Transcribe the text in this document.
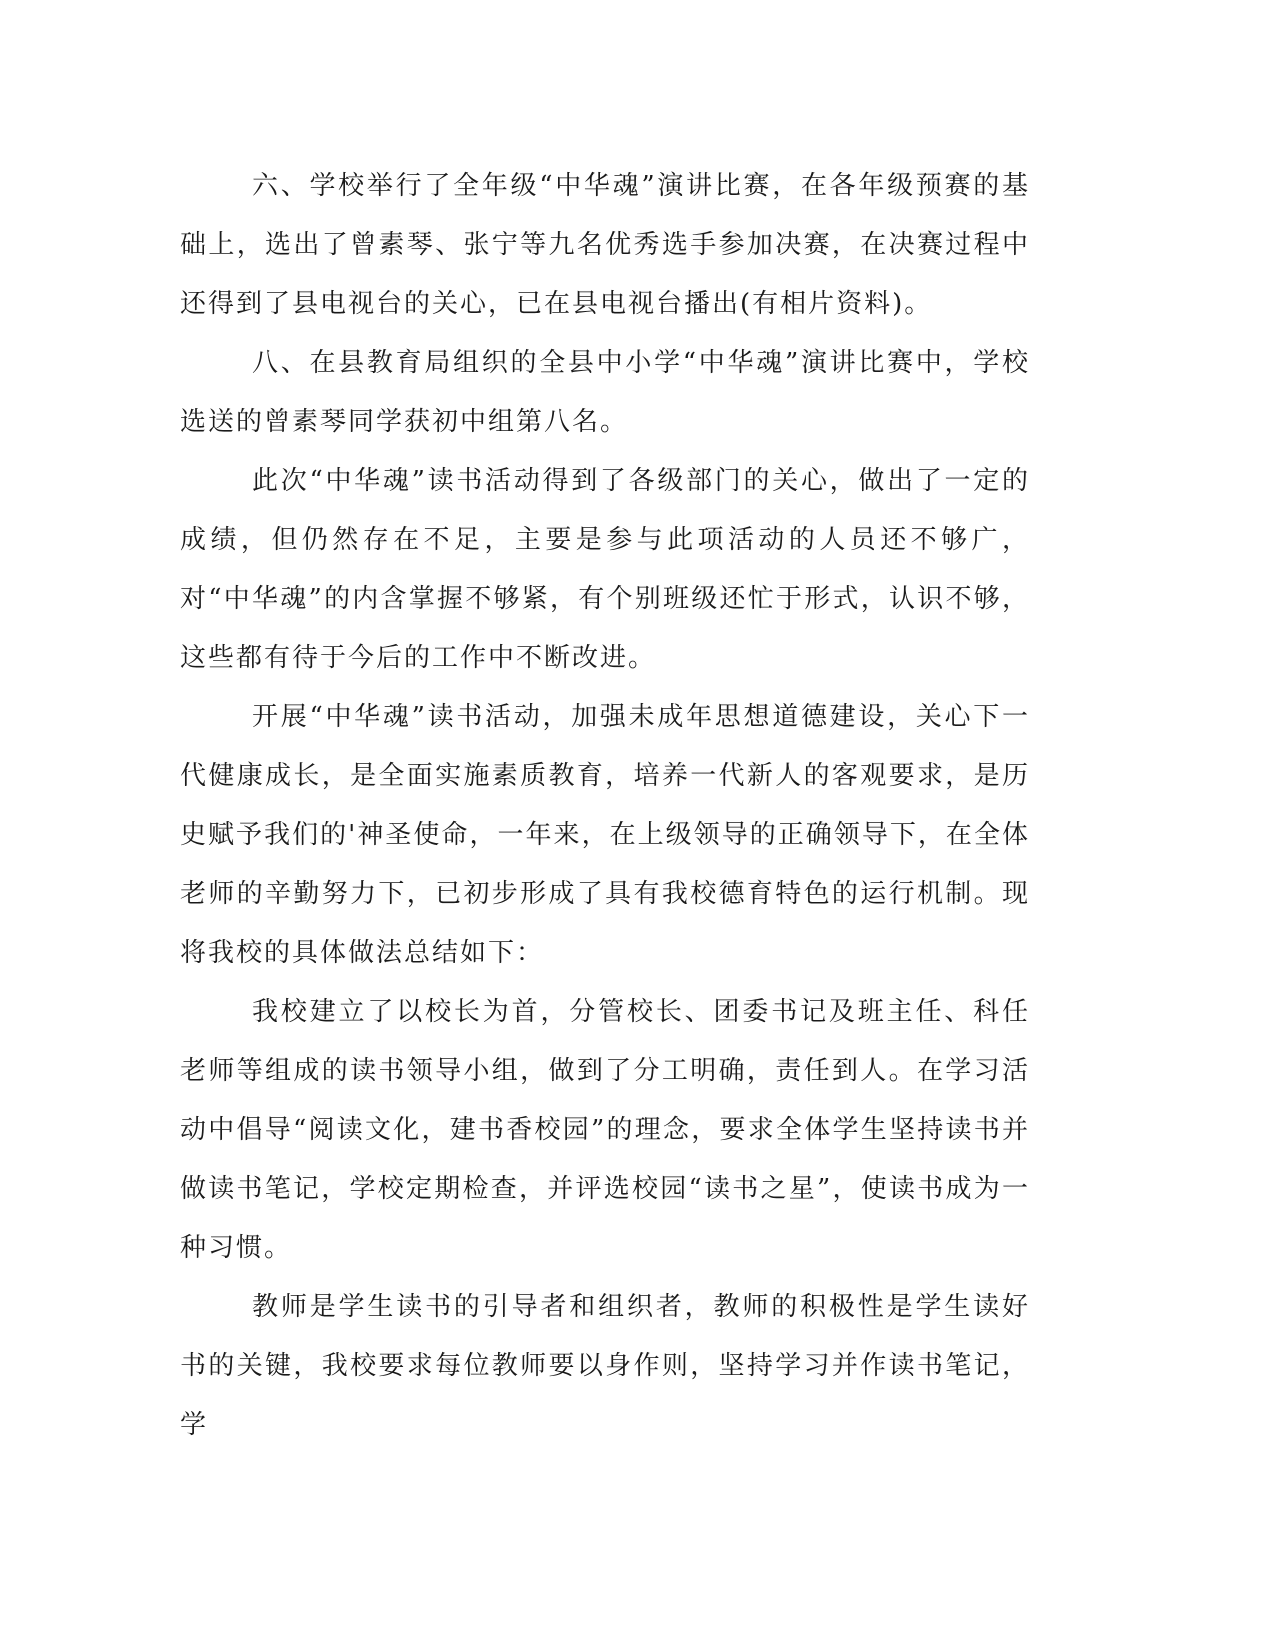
六、学校举行了全年级“中华魂”演讲比赛，在各年级预赛的基础上，选出了曾素琴、张宁等九名优秀选手参加决赛，在决赛过程中还得到了县电视台的关心，已在县电视台播出(有相片资料)。

八、在县教育局组织的全县中小学“中华魂”演讲比赛中，学校选送的曾素琴同学获初中组第八名。

此次“中华魂”读书活动得到了各级部门的关心，做出了一定的成绩，但仍然存在不足，主要是参与此项活动的人员还不够广，对“中华魂”的内含掌握不够紧，有个别班级还忙于形式，认识不够，这些都有待于今后的工作中不断改进。

开展“中华魂”读书活动，加强未成年思想道德建设，关心下一代健康成长，是全面实施素质教育，培养一代新人的客观要求，是历史赋予我们的'神圣使命，一年来，在上级领导的正确领导下，在全体老师的辛勤努力下，已初步形成了具有我校德育特色的运行机制。现将我校的具体做法总结如下：

我校建立了以校长为首，分管校长、团委书记及班主任、科任老师等组成的读书领导小组，做到了分工明确，责任到人。在学习活动中倡导“阅读文化，建书香校园”的理念，要求全体学生坚持读书并做读书笔记，学校定期检查，并评选校园“读书之星”，使读书成为一种习惯。

教师是学生读书的引导者和组织者，教师的积极性是学生读好书的关键，我校要求每位教师要以身作则，坚持学习并作读书笔记，学
